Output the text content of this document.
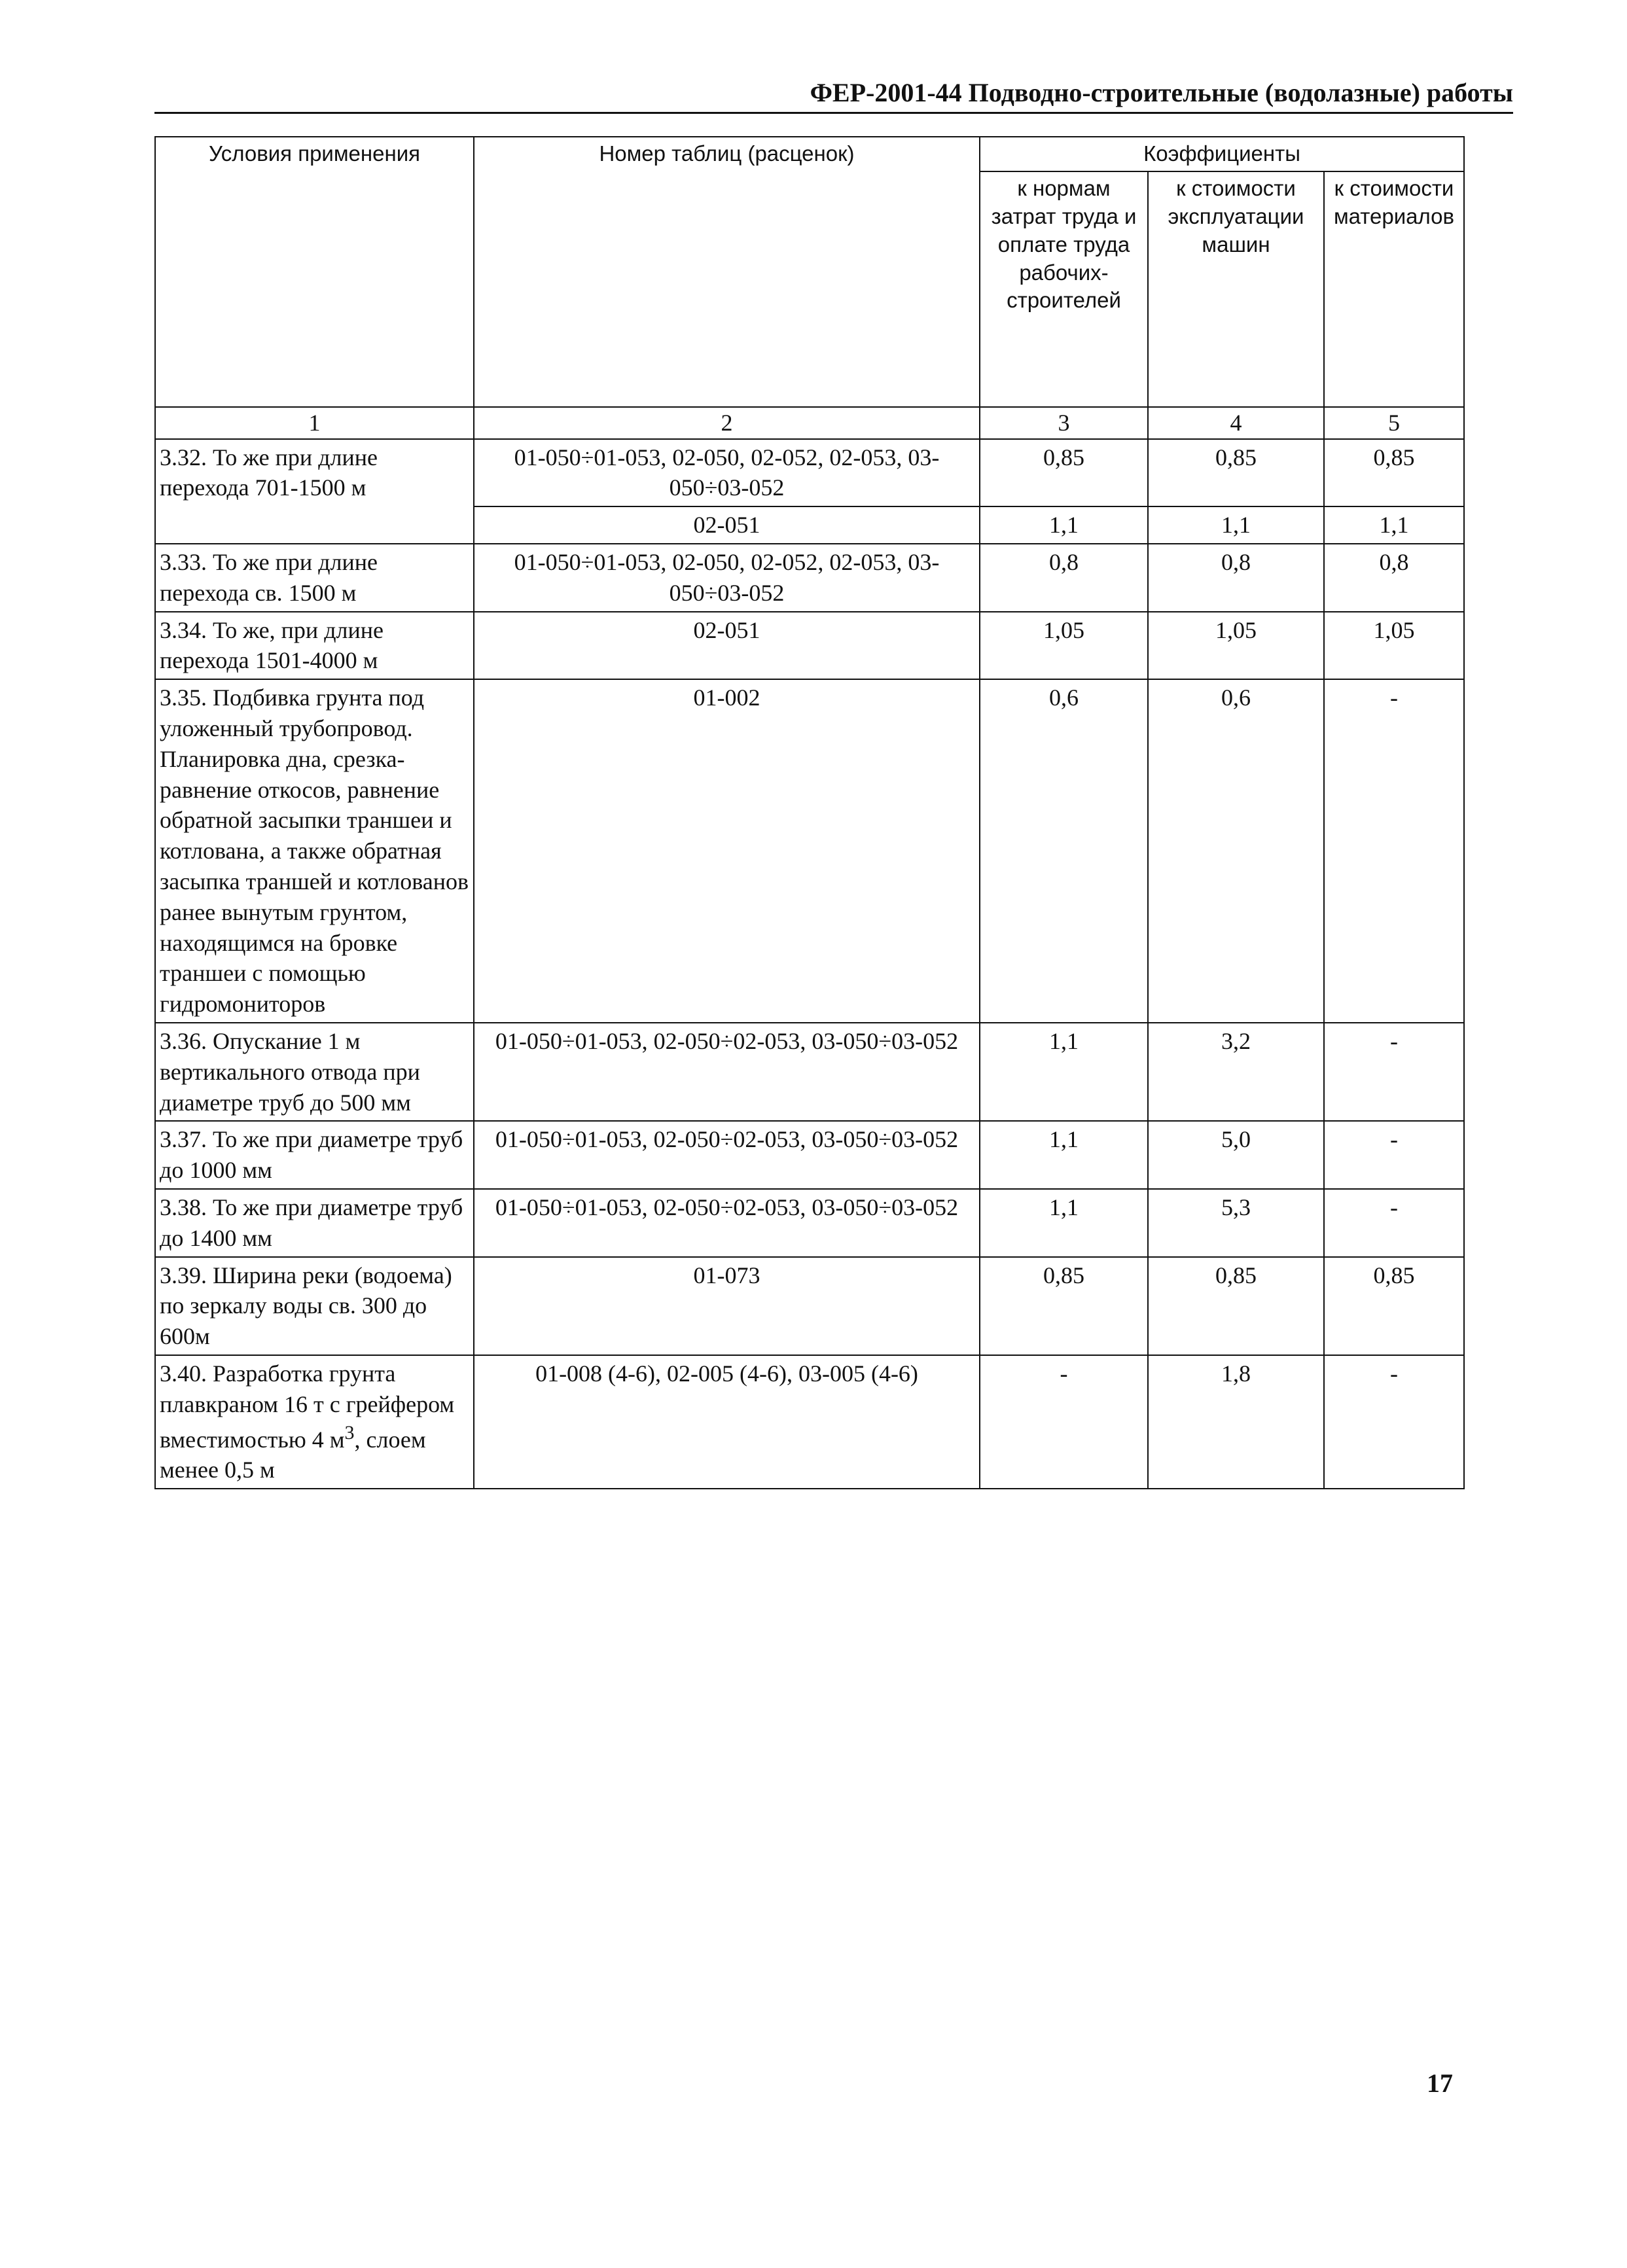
ФЕР-2001-44 Подводно-строительные (водолазные) работы
Условия применения	Номер таблиц (расценок)	Коэффициенты		
		к нормам затрат труда и оплате труда рабочих-строителей	к стоимости эксплуатации машин	к стоимости материалов
1	2	3	4	5
3.32. То же при длине перехода 701-1500 м	01-050÷01-053, 02-050, 02-052, 02-053, 03-050÷03-052	0,85	0,85	0,85
	02-051	1,1	1,1	1,1
3.33. То же при длине перехода св. 1500 м	01-050÷01-053, 02-050, 02-052, 02-053, 03-050÷03-052	0,8	0,8	0,8
3.34. То же, при длине перехода 1501-4000 м	02-051	1,05	1,05	1,05
3.35. Подбивка грунта под уложенный трубопровод. Планировка дна, срезка-равнение откосов, равнение обратной засыпки траншеи и котлована, а также обратная засыпка траншей и котлованов ранее вынутым грунтом, находящимся на бровке траншеи с помощью гидромониторов	01-002	0,6	0,6	-
3.36. Опускание 1 м вертикального отвода при диаметре труб до 500 мм	01-050÷01-053, 02-050÷02-053, 03-050÷03-052	1,1	3,2	-
3.37. То же при диаметре труб до 1000 мм	01-050÷01-053, 02-050÷02-053, 03-050÷03-052	1,1	5,0	-
3.38. То же при диаметре труб до 1400 мм	01-050÷01-053, 02-050÷02-053, 03-050÷03-052	1,1	5,3	-
3.39. Ширина реки (водоема) по зеркалу воды св. 300 до 600м	01-073	0,85	0,85	0,85
3.40. Разработка грунта плавкраном 16 т с грейфером вместимостью 4 $м^3$, слоем менее 0,5 м	01-008 (4-6), 02-005 (4-6), 03-005 (4-6)	-	1,8	-
17
